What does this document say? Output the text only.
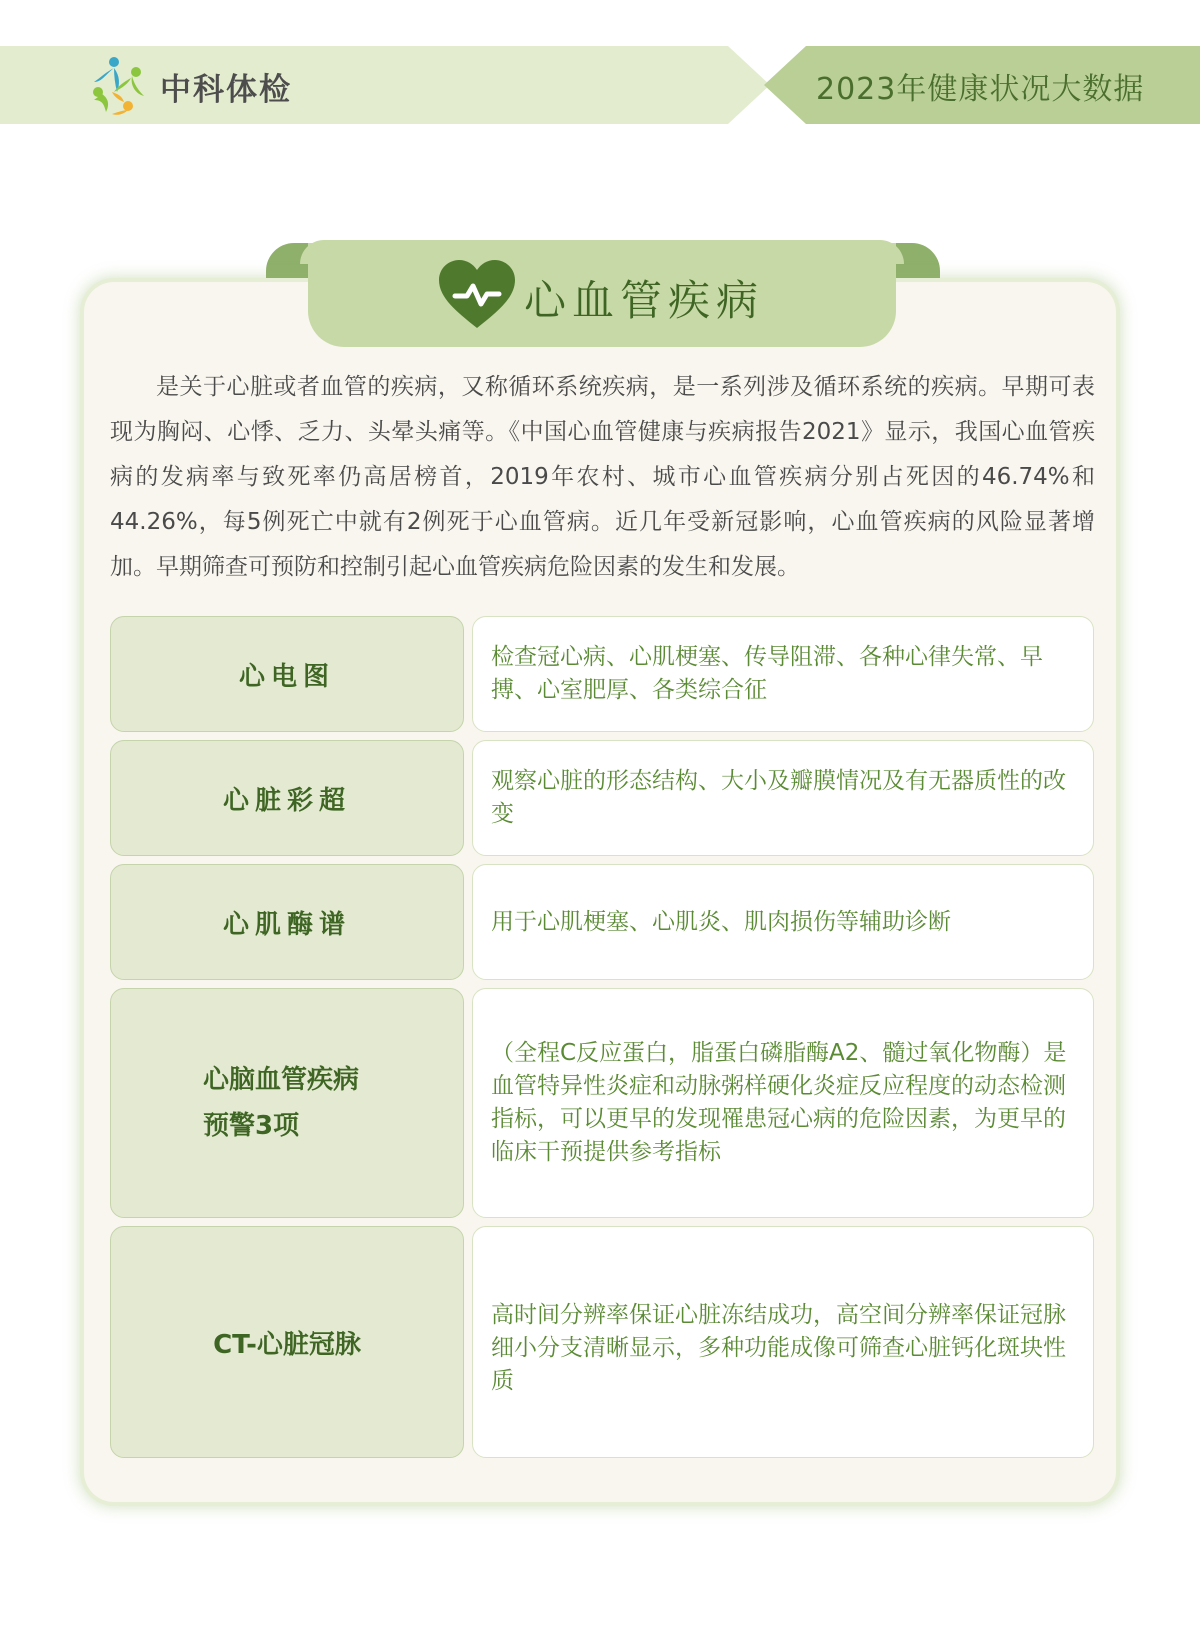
中科体检	2023年健康状况大数据
心血管疾病
是关于心脏或者血管的疾病，又称循环系统疾病，是一系列涉及循环系统的疾病。早期可表现为胸闷、心悸、乏力、头晕头痛等。《中国心血管健康与疾病报告2021》显示，我国心血管疾病的发病率与致死率仍高居榜首，2019年农村、城市心血管疾病分别占死因的46.74%和44.26%，每5例死亡中就有2例死于心血管病。近几年受新冠影响，心血管疾病的风险显著增加。早期筛查可预防和控制引起心血管疾病危险因素的发生和发展。
心电图
检查冠心病、心肌梗塞、传导阻滞、各种心律失常、早搏、心室肥厚、各类综合征
心脏彩超
观察心脏的形态结构、大小及瓣膜情况及有无器质性的改变
心肌酶谱	用于心肌梗塞、心肌炎、肌肉损伤等辅助诊断
心脑血管疾病
预警3项
（全程C反应蛋白，脂蛋白磷脂酶A2、髓过氧化物酶）是血管特异性炎症和动脉粥样硬化炎症反应程度的动态检测指标，可以更早的发现罹患冠心病的危险因素，为更早的临床干预提供参考指标
CT-心脏冠脉
高时间分辨率保证心脏冻结成功，高空间分辨率保证冠脉细小分支清晰显示，多种功能成像可筛查心脏钙化斑块性质
